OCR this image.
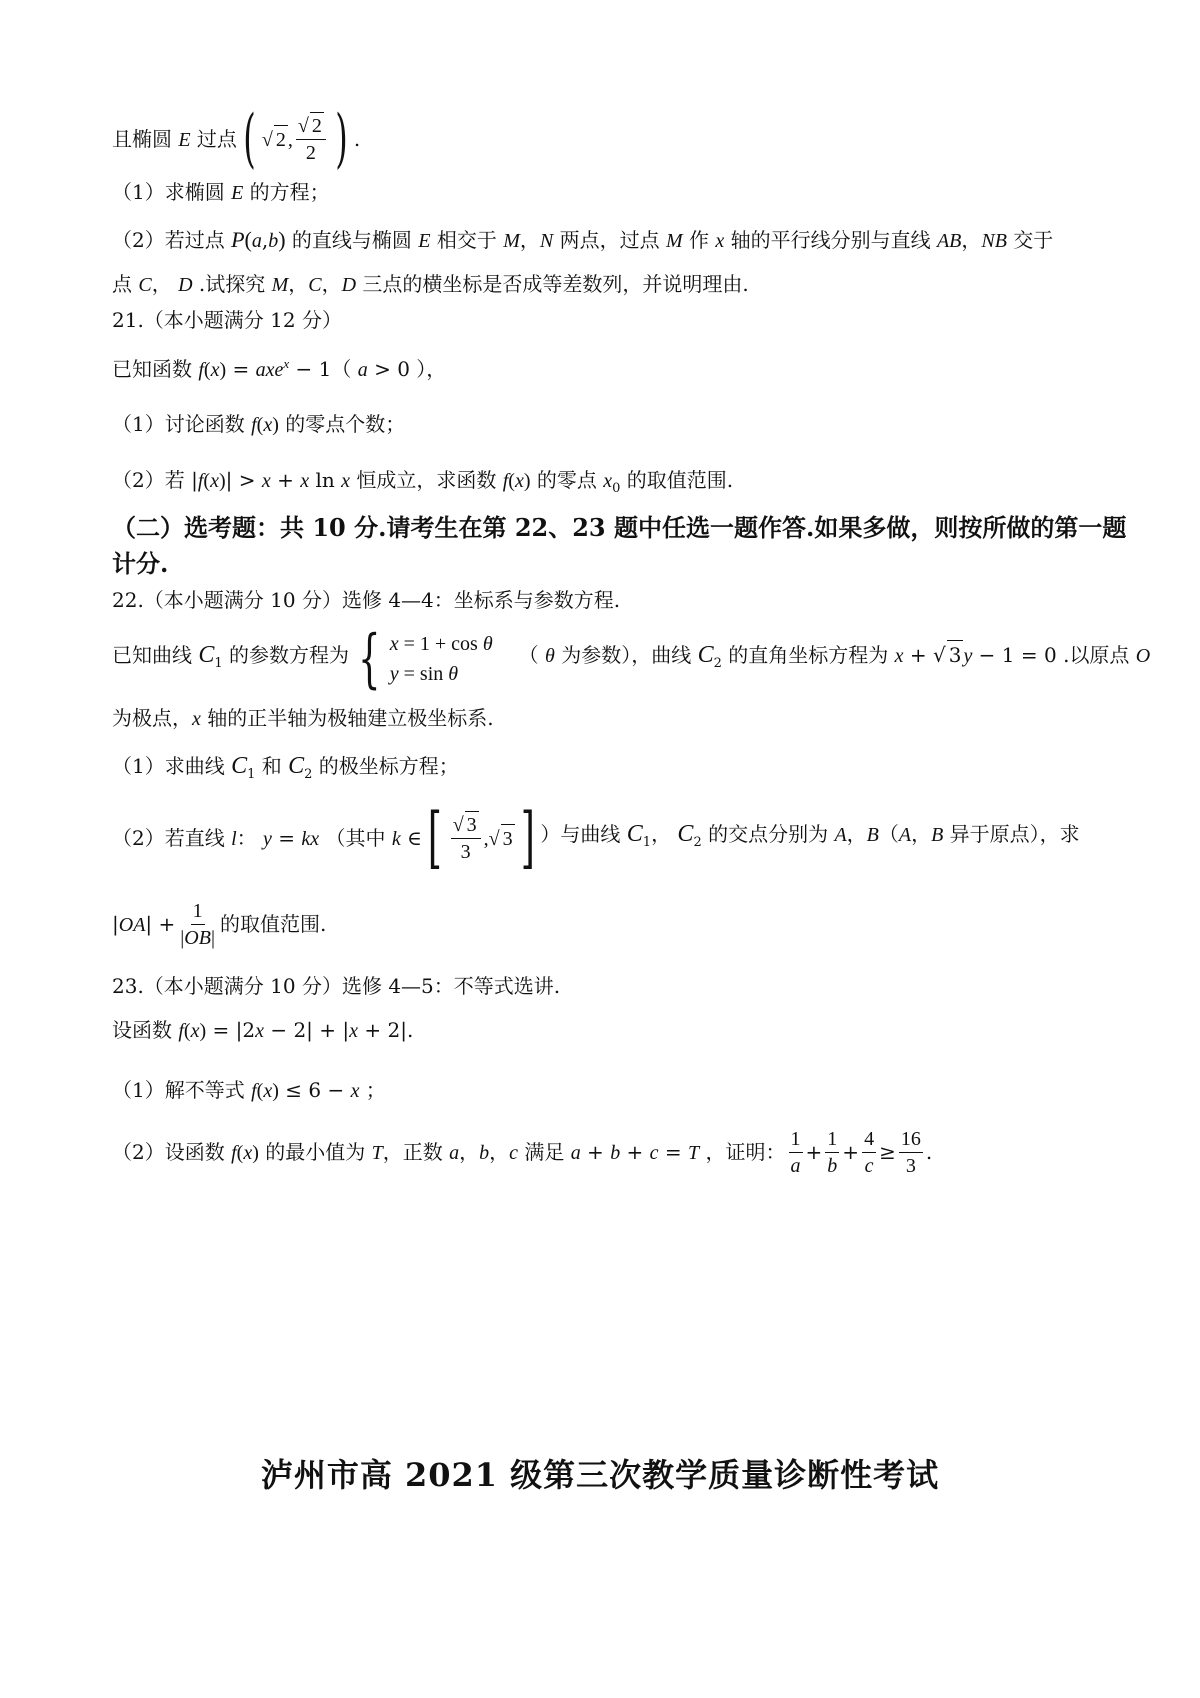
且椭圆 E 过点 ( √ 2 , $\frac{√ 2}{2}$ ) .
（1）求椭圆 E 的方程；
（2）若过点 P(a,b) 的直线与椭圆 E 相交于 M，N 两点，过点 M 作 x 轴的平行线分别与直线 AB，NB 交于
点 C， D .试探究 M，C，D 三点的横坐标是否成等差数列，并说明理由.
21.（本小题满分 12 分）
已知函数 f(x) = axe$^x$ − 1（ a > 0 ），
（1）讨论函数 f(x) 的零点个数；
（2）若 |f(x)| > x + x ln x 恒成立，求函数 f(x) 的零点 $x_0$ 的取值范围.
（二）选考题：共 10 分.请考生在第 22、23 题中任选一题作答.如果多做，则按所做的第一题
计分.
22.（本小题满分 10 分）选修 4—4：坐标系与参数方程.
已知曲线 $C_1$ 的参数方程为 { x = 1 + cos θ
y = sin θ
（ θ 为参数），曲线 $C_2$ 的直角坐标方程为 x + √ 3 y − 1 = 0 .以原点 O
为极点，x 轴的正半轴为极轴建立极坐标系.
（1）求曲线 $C_1$ 和 $C_2$ 的极坐标方程；
（2）若直线 l： y = kx （其中 k ∈ [ $\frac{√ 3}{3}$ ,√ 3 ] ）与曲线 $C_1$， $C_2$ 的交点分别为 A，B（A，B 异于原点），求
$|OA| + \frac{1}{|OB|}$ 的取值范围.
23.（本小题满分 10 分）选修 4—5：不等式选讲.
设函数 f(x) = |2x − 2| + |x + 2|.
（1）解不等式 f(x) ≤ 6 − x ；
（2）设函数 f(x) 的最小值为 T，正数 a，b，c 满足 a + b + c = T ，证明： $\frac{1}{a} + \frac{1}{b} + \frac{4}{c} \ge \frac{16}{3}$ .
泸州市高 2021 级第三次教学质量诊断性考试
